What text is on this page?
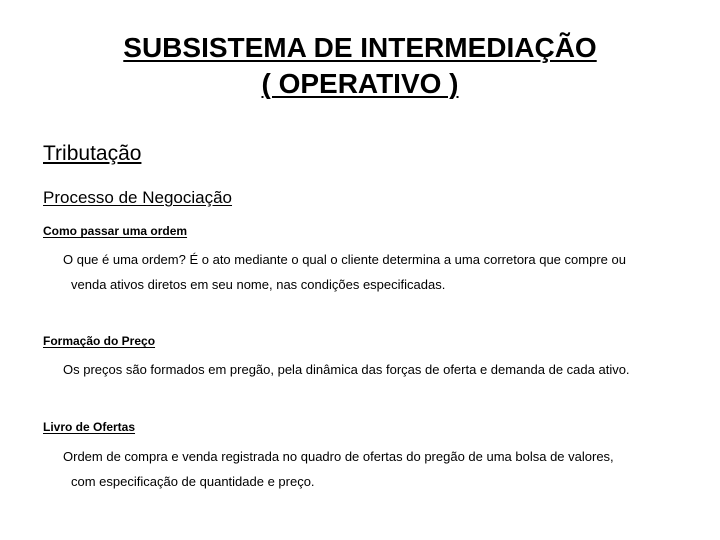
SUBSISTEMA DE INTERMEDIAÇÃO
( OPERATIVO )
Tributação
Processo de Negociação
Como passar uma ordem
O que é uma ordem? É o ato mediante o qual o cliente determina a uma corretora que compre ou
venda ativos diretos em seu nome, nas condições especificadas.
Formação do Preço
Os preços são formados em pregão, pela dinâmica das forças de oferta e demanda de cada ativo.
Livro de Ofertas
Ordem de compra e venda registrada no quadro de ofertas do pregão de uma bolsa de valores,
com especificação de quantidade e preço.
